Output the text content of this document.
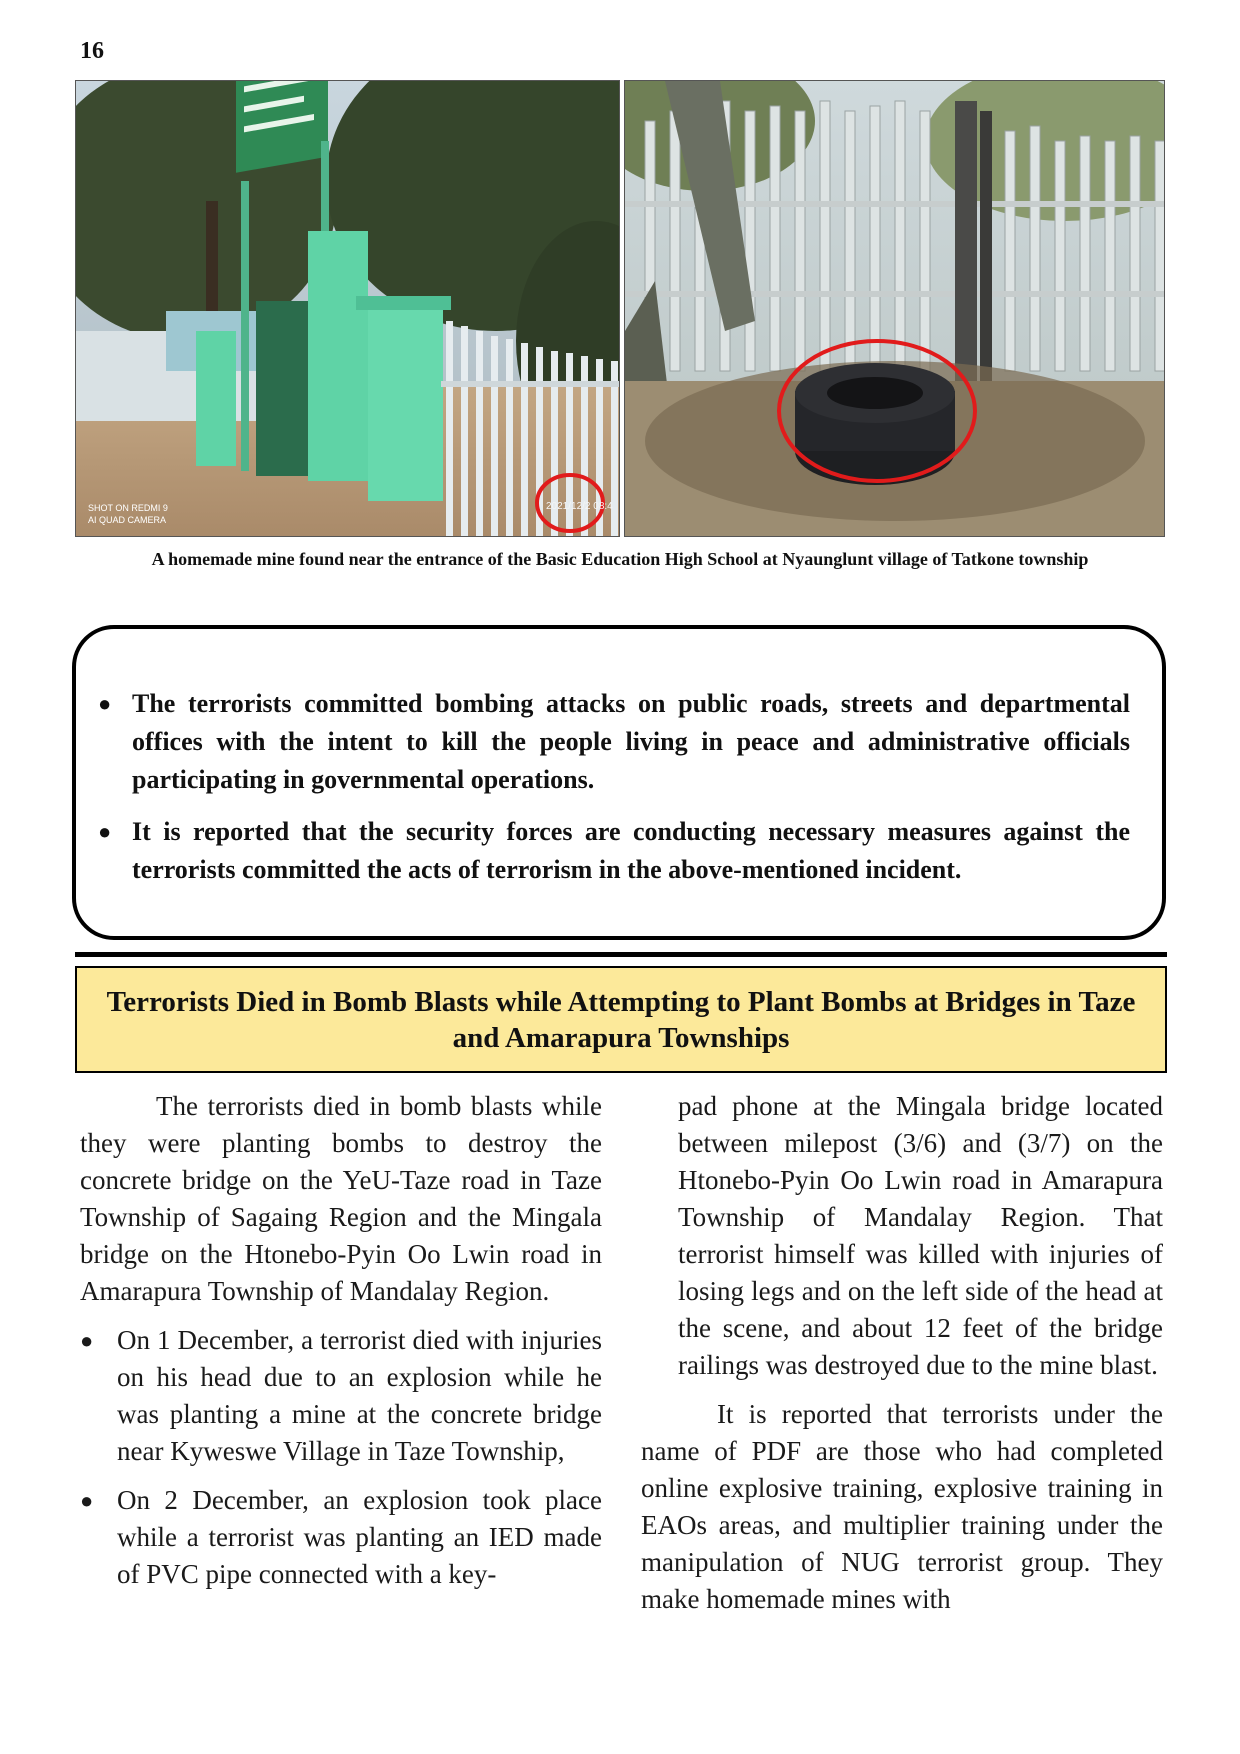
16
2021/12/2 08:4
SHOT ON REDMI 9
AI QUAD CAMERA
A homemade mine found near the entrance of the Basic Education High School at Nyaunglunt village of Tatkone township
● The terrorists committed bombing attacks on public roads, streets and departmental offices with the intent to kill the people living in peace and administrative officials participating in governmental operations.
● It is reported that the security forces are conducting necessary measures against the terrorists committed the acts of terrorism in the above-mentioned incident.
Terrorists Died in Bomb Blasts while Attempting to Plant Bombs at Bridges in Taze and Amarapura Townships

The terrorists died in bomb blasts while they were planting bombs to destroy the concrete bridge on the YeU-Taze road in Taze Township of Sagaing Region and the Mingala bridge on the Htonebo-Pyin Oo Lwin road in Amarapura Township of Mandalay Region.

● On 1 December, a terrorist died with injuries on his head due to an explosion while he was planting a mine at the concrete bridge near Kyweswe Village in Taze Township,
● On 2 December, an explosion took place while a terrorist was planting an IED made of PVC pipe connected with a key-

pad phone at the Mingala bridge located between milepost (3/6) and (3/7) on the Htonebo-Pyin Oo Lwin road in Amarapura Township of Mandalay Region. That terrorist himself was killed with injuries of losing legs and on the left side of the head at the scene, and about 12 feet of the bridge railings was destroyed due to the mine blast.

It is reported that terrorists under the name of PDF are those who had completed online explosive training, explosive training in EAOs areas, and multiplier training under the manipulation of NUG terrorist group. They make homemade mines with
